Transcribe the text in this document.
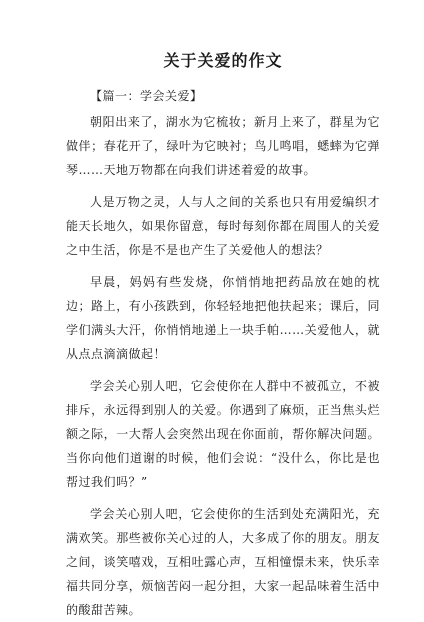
关于关爱的作文
【篇一：学会关爱】

朝阳出来了，湖水为它梳妆；新月上来了，群星为它做伴；春花开了，绿叶为它映衬；鸟儿鸣唱，蟋蟀为它弹琴……天地万物都在向我们讲述着爱的故事。

人是万物之灵，人与人之间的关系也只有用爱编织才能天长地久，如果你留意，每时每刻你都在周围人的关爱之中生活，你是不是也产生了关爱他人的想法？

早晨，妈妈有些发烧，你悄悄地把药品放在她的枕边；路上，有小孩跌到，你轻轻地把他扶起来；课后，同学们满头大汗，你悄悄地递上一块手帕……关爱他人，就从点点滴滴做起！

学会关心别人吧，它会使你在人群中不被孤立，不被排斥，永远得到别人的关爱。你遇到了麻烦，正当焦头烂额之际，一大帮人会突然出现在你面前，帮你解决问题。当你向他们道谢的时候，他们会说：“没什么，你比是也帮过我们吗？”

学会关心别人吧，它会使你的生活到处充满阳光，充满欢笑。那些被你关心过的人，大多成了你的朋友。朋友之间，谈笑嘻戏，互相吐露心声，互相憧憬未来，快乐幸福共同分享，烦恼苦闷一起分担，大家一起品味着生活中的酸甜苦辣。
